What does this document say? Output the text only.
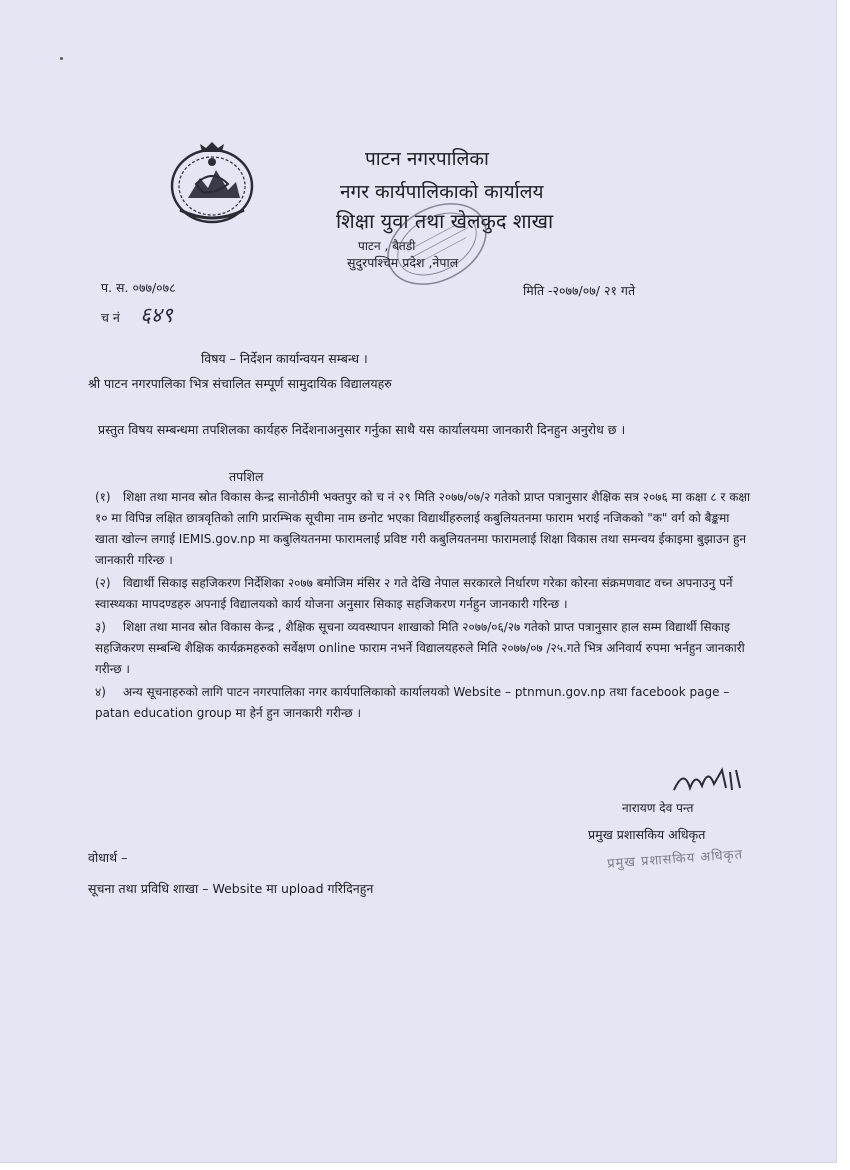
पाटन नगरपालिका
नगर कार्यपालिकाको कार्यालय
शिक्षा युवा तथा खेलकुद शाखा
पाटन , बैतडी
सुदुरपश्चिम प्रदेश ,नेपाल
प. स. ०७७/०७८	मिति -२०७७/०७/ २१ गते
च नं ६४९
विषय – निर्देशन कार्यान्वयन सम्बन्ध ।
श्री पाटन नगरपालिका भित्र संचालित सम्पूर्ण सामुदायिक विद्यालयहरु
प्रस्तुत विषय सम्बन्धमा तपशिलका कार्यहरु निर्देशनाअनुसार गर्नुका साथै यस कार्यालयमा जानकारी दिनहुन अनुरोध छ ।
तपशिल
(१) शिक्षा तथा मानव स्रोत विकास केन्द्र सानोठीमी भक्तपुर को च नं २९ मिति २०७७/०७/२ गतेको प्राप्त पत्रानुसार शैक्षिक सत्र २०७६ मा कक्षा ८ र कक्षा १० मा विपिन्न लक्षित छात्रवृतिको लागि प्रारम्भिक सूचीमा नाम छनोट भएका विद्यार्थीहरुलाई कबुलियतनमा फाराम भराई नजिकको "क" वर्ग को बैङ्कमा खाता खोल्न लगाई IEMIS.gov.np मा कबुलियतनमा फारामलाई प्रविष्ट गरी कबुलियतनमा फारामलाई शिक्षा विकास तथा समन्वय ईकाइमा बुझाउन हुन जानकारी गरिन्छ ।
(२) विद्यार्थी सिकाइ सहजिकरण निर्देशिका २०७७ बमोजिम मंसिर २ गते देखि नेपाल सरकारले निर्धारण गरेका कोरना संक्रमणवाट वच्न अपनाउनु पर्ने स्वास्थ्यका मापदण्डहरु अपनाई विद्यालयको कार्य योजना अनुसार सिकाइ सहजिकरण गर्नहुन जानकारी गरिन्छ ।
३) शिक्षा तथा मानव स्रोत विकास केन्द्र , शैक्षिक सूचना व्यवस्थापन शाखाको मिति २०७७/०६/२७ गतेको प्राप्त पत्रानुसार हाल सम्म विद्यार्थी सिकाइ सहजिकरण सम्बन्धि शैक्षिक कार्यक्रमहरुको सर्वेक्षण online फाराम नभर्ने विद्यालयहरुले मिति २०७७/०७ /२५.गते भित्र अनिवार्य रुपमा भर्नहुन जानकारी गरीन्छ ।
४) अन्य सूचनाहरुको लागि पाटन नगरपालिका नगर कार्यपालिकाको कार्यालयको Website – ptnmun.gov.np तथा facebook page –patan education group मा हेर्न हुन जानकारी गरीन्छ ।
नारायण देव पन्त
प्रमुख प्रशासकिय अधिकृत
प्रमुख प्रशासकिय अधिकृत
वोधार्थ –
सूचना तथा प्रविधि शाखा – Website मा upload गरिदिनहुन
